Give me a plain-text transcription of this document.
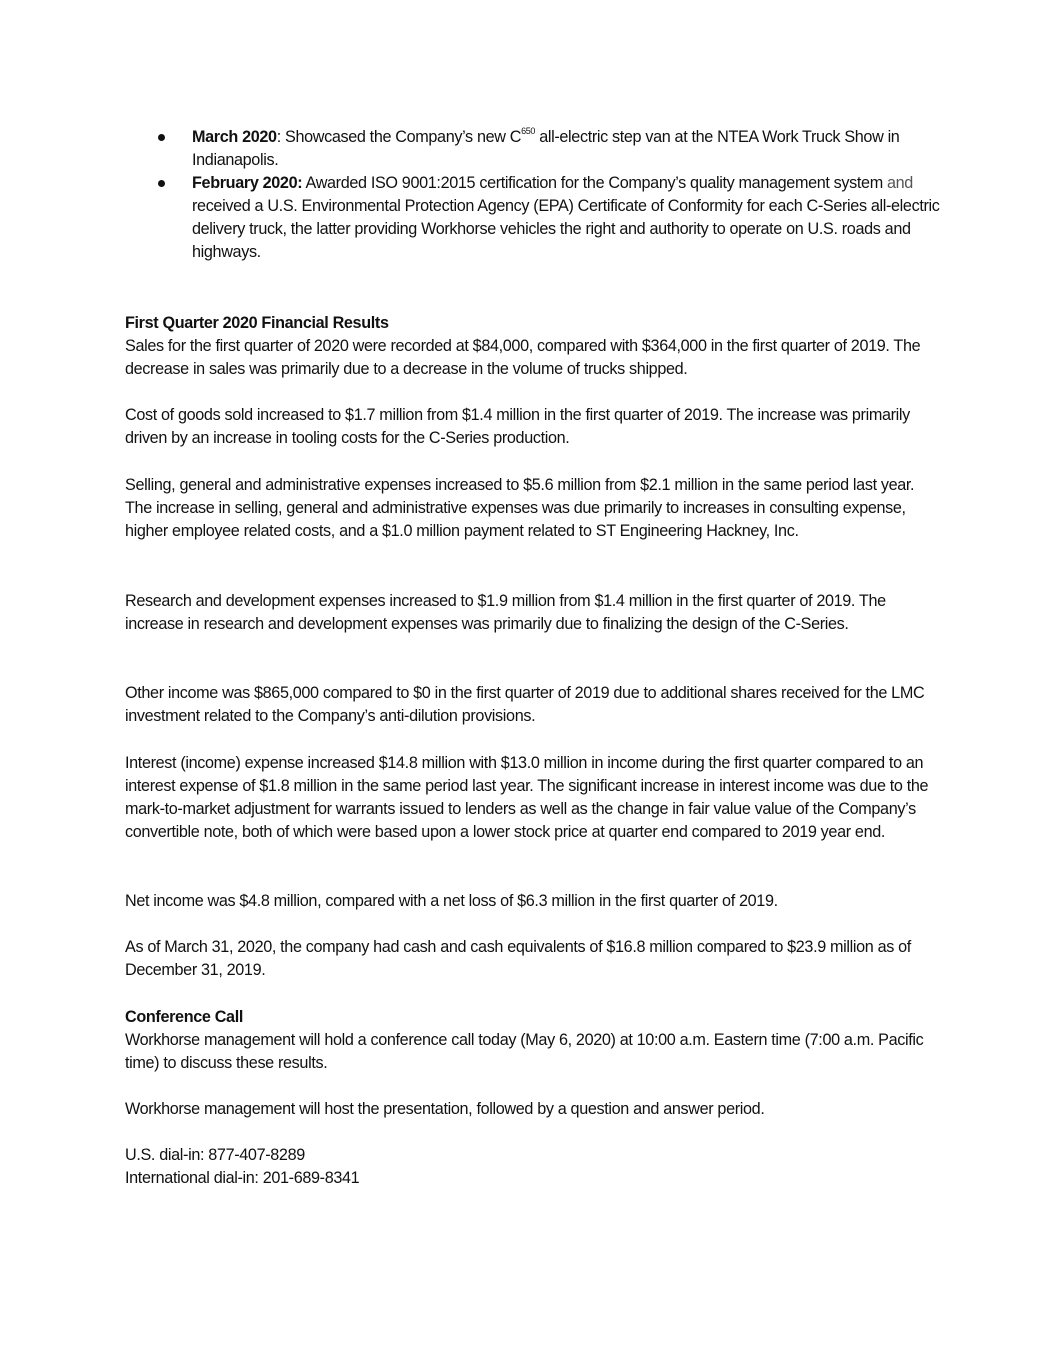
March 2020: Showcased the Company’s new $C^{650}$ all-electric step van at the NTEA Work Truck Show in Indianapolis.
February 2020: Awarded ISO 9001:2015 certification for the Company’s quality management system and received a U.S. Environmental Protection Agency (EPA) Certificate of Conformity for each C-Series all-electric delivery truck, the latter providing Workhorse vehicles the right and authority to operate on U.S. roads and highways.
First Quarter 2020 Financial Results

Sales for the first quarter of 2020 were recorded at $84,000, compared with $364,000 in the first quarter of 2019. The decrease in sales was primarily due to a decrease in the volume of trucks shipped.

Cost of goods sold increased to $1.7 million from $1.4 million in the first quarter of 2019. The increase was primarily driven by an increase in tooling costs for the C-Series production.

Selling, general and administrative expenses increased to $5.6 million from $2.1 million in the same period last year. The increase in selling, general and administrative expenses was due primarily to increases in consulting expense, higher employee related costs, and a $1.0 million payment related to ST Engineering Hackney, Inc.

Research and development expenses increased to $1.9 million from $1.4 million in the first quarter of 2019. The increase in research and development expenses was primarily due to finalizing the design of the C-Series.

Other income was $865,000 compared to $0 in the first quarter of 2019 due to additional shares received for the LMC investment related to the Company’s anti-dilution provisions.

Interest (income) expense increased $14.8 million with $13.0 million in income during the first quarter compared to an interest expense of $1.8 million in the same period last year. The significant increase in interest income was due to the mark-to-market adjustment for warrants issued to lenders as well as the change in fair value value of the Company’s convertible note, both of which were based upon a lower stock price at quarter end compared to 2019 year end.

Net income was $4.8 million, compared with a net loss of $6.3 million in the first quarter of 2019.

As of March 31, 2020, the company had cash and cash equivalents of $16.8 million compared to $23.9 million as of December 31, 2019.

Conference Call

Workhorse management will hold a conference call today (May 6, 2020) at 10:00 a.m. Eastern time (7:00 a.m. Pacific time) to discuss these results.

Workhorse management will host the presentation, followed by a question and answer period.

U.S. dial-in: 877-407-8289
International dial-in: 201-689-8341
